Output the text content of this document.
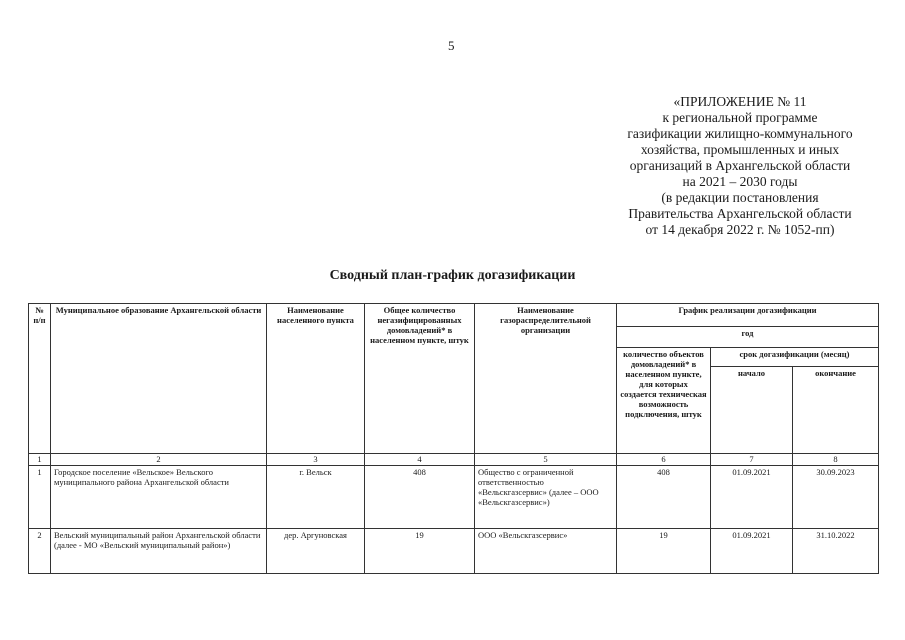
5
«ПРИЛОЖЕНИЕ № 11
к региональной программе
газификации жилищно-коммунального
хозяйства, промышленных и иных
организаций в Архангельской области
на 2021 – 2030 годы
(в редакции постановления
Правительства Архангельской области
от 14 декабря 2022 г. № 1052-пп)
Сводный план-график догазификации
№ п/п	Муниципальное образование Архангельской области	Наименование населенного пункта	Общее количество негазифицированных домовладений* в населенном пункте, штук	Наименование газораспределительной организации	График реализации догазификации		
					год		
					количество объектов домовладений* в населенном пункте, для которых создается техническая возможность подключения, штук	срок догазификации (месяц)	
						начало	окончание
1	2	3	4	5	6	7	8
1	Городское поселение «Вельское» Вельского муниципального района Архангельской области	г. Вельск	408	Общество с ограниченной ответственностью «Вельскгазсервис» (далее – ООО «Вельскгазсервис»)	408	01.09.2021	30.09.2023
2	Вельский муниципальный район Архангельской области (далее - МО «Вельский муниципальный район»)	дер. Аргуновская	19	ООО «Вельскгазсервис»	19	01.09.2021	31.10.2022
